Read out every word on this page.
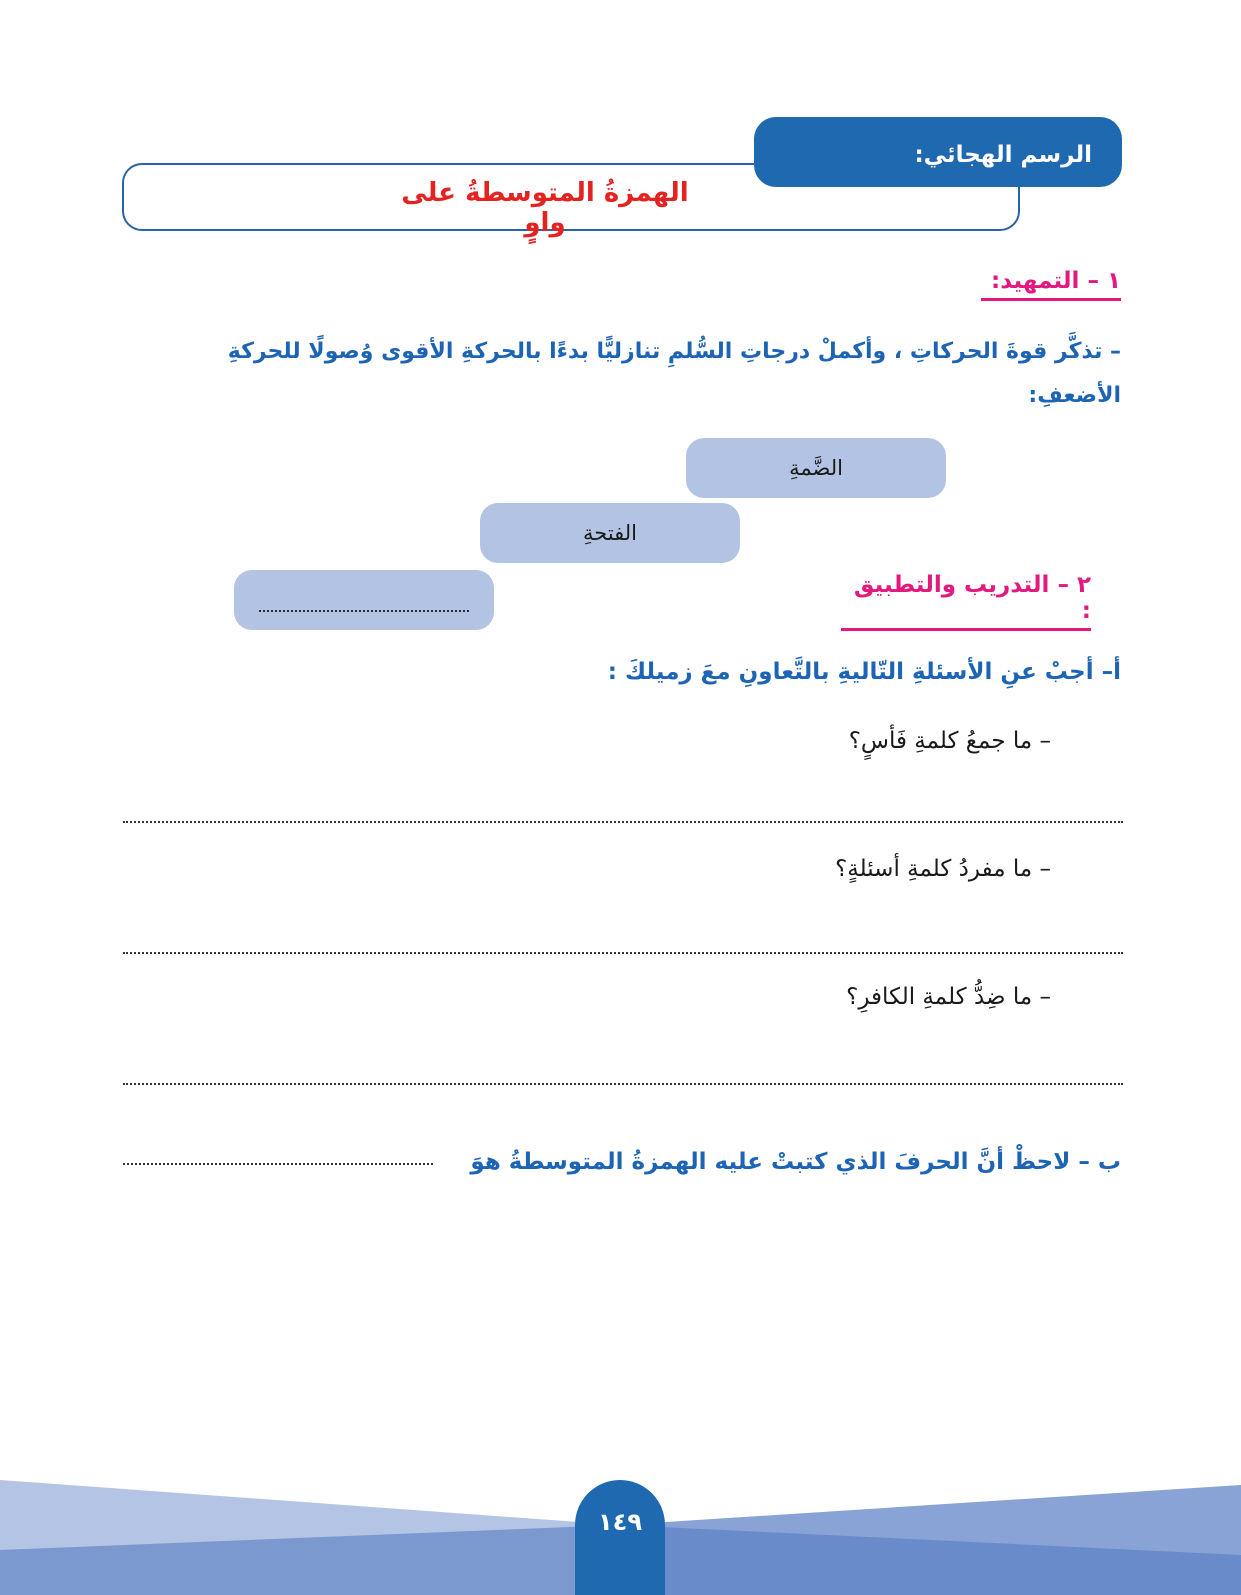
الرسم الهجائي:
الهمزةُ المتوسطةُ على واوٍ
١ – التمهيد:
– تذكَّر قوةَ الحركاتِ ، وأكملْ درجاتِ السُّلمِ تنازليًّا بدءًا بالحركةِ الأقوى وُصولًا للحركةِ الأضعفِ:
الضَّمةِ
الفتحةِ
٢ – التدريب والتطبيق :
أ– أجبْ عنِ الأسئلةِ التّاليةِ بالتَّعاونِ معَ زميلكَ :
– ما جمعُ كلمةِ فَأسٍ؟
– ما مفردُ كلمةِ أسئلةٍ؟
– ما ضِدُّ كلمةِ الكافرِ؟
ب – لاحظْ أنَّ الحرفَ الذي كتبتْ عليه الهمزةُ المتوسطةُ هوَ
١٤٩
